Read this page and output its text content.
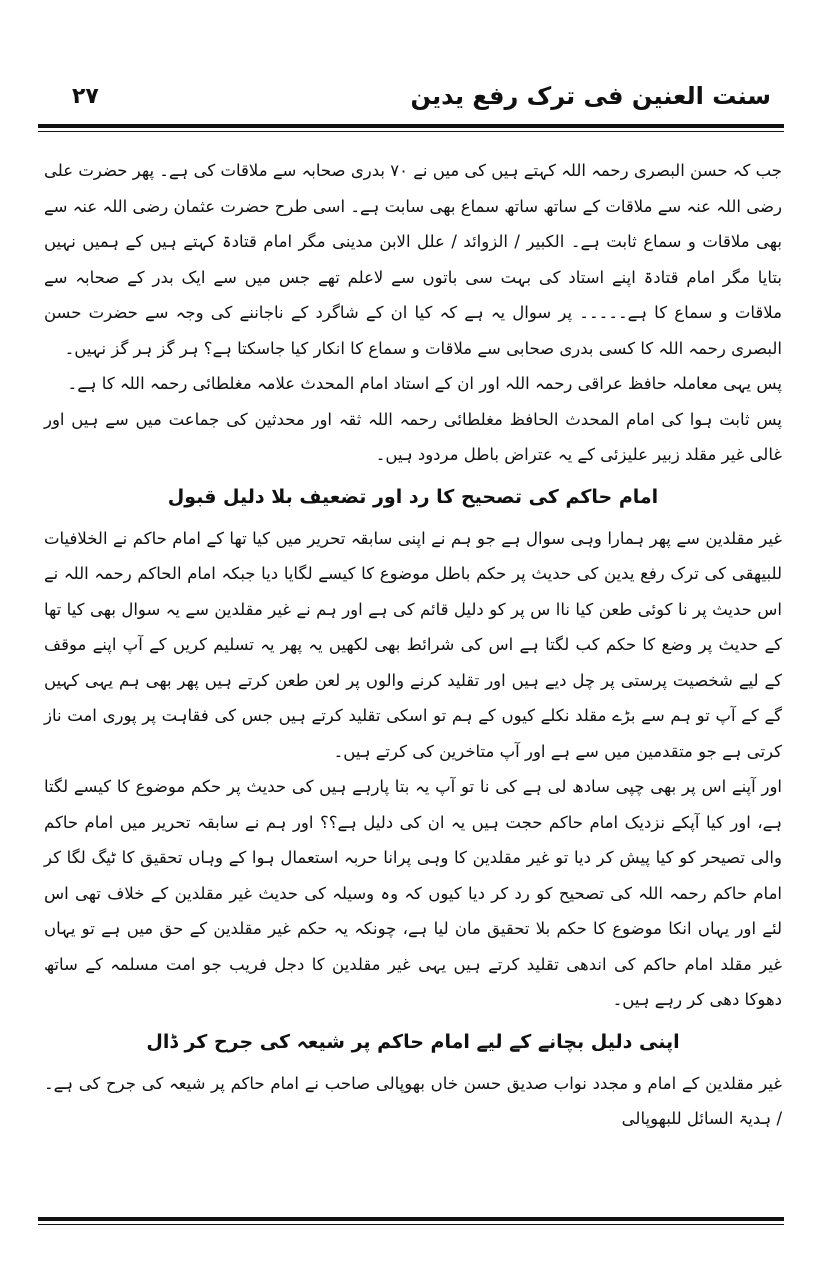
سنت العنین فی ترک رفع یدین
۲۷

جب کہ حسن البصری رحمہ اللہ کہتے ہیں کی میں نے ۷۰ بدری صحابہ سے ملاقات کی ہے۔ پھر حضرت علی رضی اللہ عنہ سے ملاقات کے ساتھ ساتھ سماع بھی سابت ہے۔ اسی طرح حضرت عثمان رضی اللہ عنہ سے بھی ملاقات و سماع ثابت ہے۔ الکبیر / الزوائد / علل الابن مدینی مگر امام قتادۃ کہتے ہیں کے ہمیں نہیں بتایا مگر امام قتادۃ اپنے استاد کی بہت سی باتوں سے لاعلم تھے جس میں سے ایک بدر کے صحابہ سے ملاقات و سماع کا ہے۔۔۔۔۔ پر سوال یہ ہے کہ کیا ان کے شاگرد کے ناجاننے کی وجہ سے حضرت حسن البصری رحمہ اللہ کا کسی بدری صحابی سے ملاقات و سماع کا انکار کیا جاسکتا ہے؟ ہر گز ہر گز نہیں۔

پس یہی معاملہ حافظ عراقی رحمہ اللہ اور ان کے استاد امام المحدث علامہ مغلطائی رحمہ اللہ کا ہے۔

پس ثابت ہوا کی امام المحدث الحافظ مغلطائی رحمہ اللہ ثقہ اور محدثین کی جماعت میں سے ہیں اور غالی غیر مقلد زبیر علیزئی کے یہ عتراض باطل مردود ہیں۔

امام حاکم کی تصحیح کا رد اور تضعیف بلا دلیل قبول

غیر مقلدین سے پھر ہمارا وہی سوال ہے جو ہم نے اپنی سابقہ تحریر میں کیا تھا کے امام حاکم نے الخلافیات للبیھقی کی ترک رفع یدین کی حدیث پر حکم باطل موضوع کا کیسے لگایا دیا جبکہ امام الحاکم رحمہ اللہ نے اس حدیث پر نا کوئی طعن کیا ناا س پر کو دلیل قائم کی ہے اور ہم نے غیر مقلدین سے یہ سوال بھی کیا تھا کے حدیث پر وضع کا حکم کب لگتا ہے اس کی شرائط بھی لکھیں یہ پھر یہ تسلیم کریں کے آپ اپنے موقف کے لیے شخصیت پرستی پر چل دیے ہیں اور تقلید کرنے والوں پر لعن طعن کرتے ہیں پھر بھی ہم یہی کہیں گے کے آپ تو ہم سے بڑے مقلد نکلے کیوں کے ہم تو اسکی تقلید کرتے ہیں جس کی فقاہت پر پوری امت ناز کرتی ہے جو متقدمین میں سے ہے اور آپ متاخرین کی کرتے ہیں۔

اور آپنے اس پر بھی چپی سادھ لی ہے کی نا تو آپ یہ بتا پارہے ہیں کی حدیث پر حکم موضوع کا کیسے لگتا ہے، اور کیا آپکے نزدیک امام حاکم حجت ہیں یہ ان کی دلیل ہے؟؟ اور ہم نے سابقہ تحریر میں امام حاکم والی تصیحر کو کیا پیش کر دیا تو غیر مقلدین کا وہی پرانا حربہ استعمال ہوا کے وہاں تحقیق کا ٹیگ لگا کر امام حاکم رحمہ اللہ کی تصحیح کو رد کر دیا کیوں کہ وہ وسیلہ کی حدیث غیر مقلدین کے خلاف تھی اس لئے اور یہاں انکا موضوع کا حکم بلا تحقیق مان لیا ہے، چونکہ یہ حکم غیر مقلدین کے حق میں ہے تو یہاں غیر مقلد امام حاکم کی اندھی تقلید کرتے ہیں یہی غیر مقلدین کا دجل فریب جو امت مسلمہ کے ساتھ دھوکا دھی کر رہے ہیں۔

اپنی دلیل بچانے کے لیے امام حاکم پر شیعہ کی جرح کر ڈال

غیر مقلدین کے امام و مجدد نواب صدیق حسن خاں بھوپالی صاحب نے امام حاکم پر شیعہ کی جرح کی ہے۔ / ہدیۃ السائل للبھوپالی
